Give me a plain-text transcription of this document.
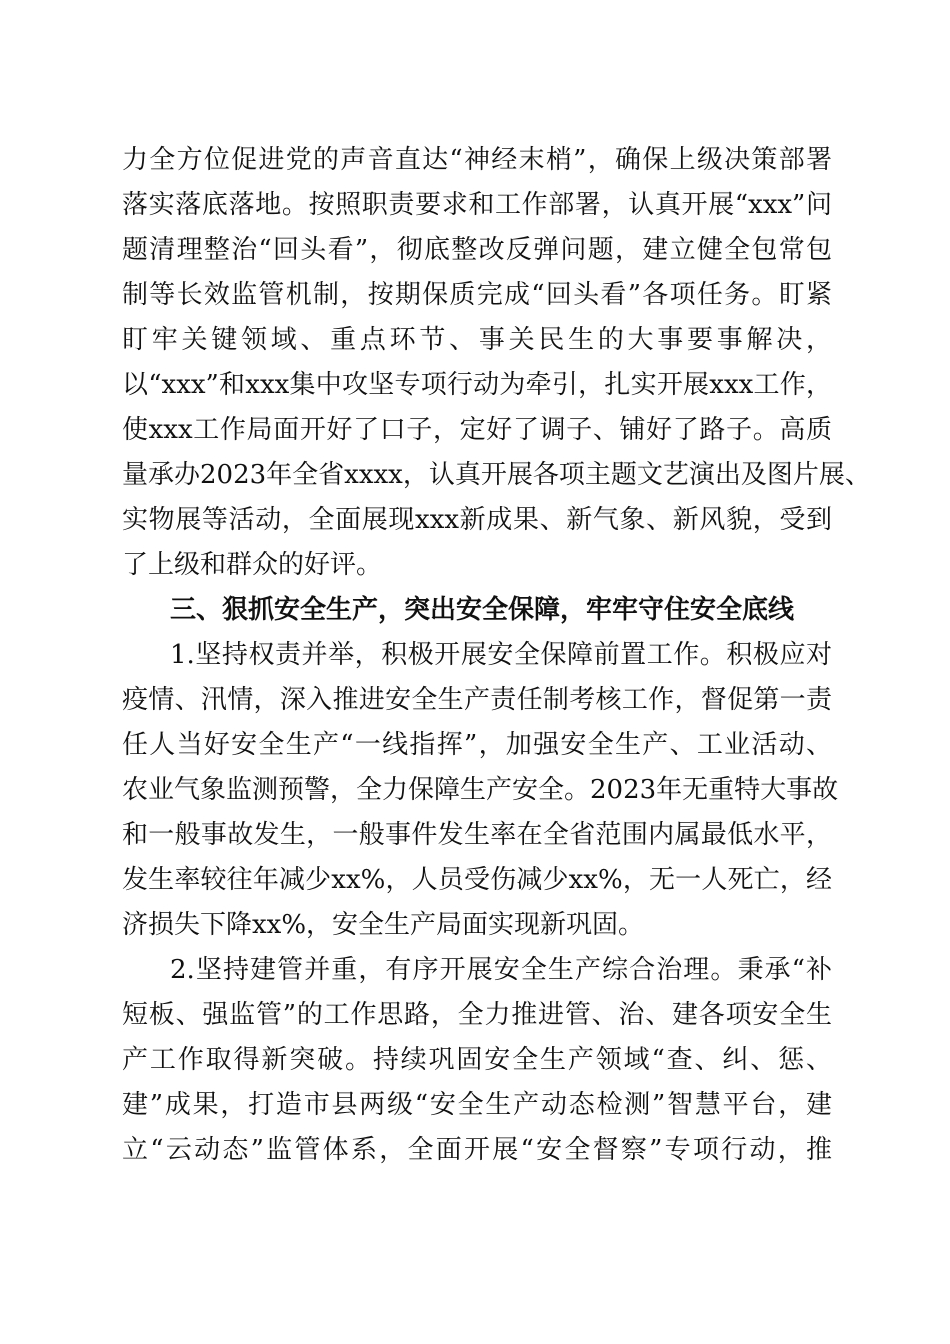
力全方位促进党的声音直达“神经末梢”，确保上级决策部署
落实落底落地。按照职责要求和工作部署，认真开展“xxx”问
题清理整治“回头看”，彻底整改反弹问题，建立健全包常包
制等长效监管机制，按期保质完成“回头看”各项任务。盯紧
盯牢关键领域、重点环节、事关民生的大事要事解决，
以“xxx”和xxx集中攻坚专项行动为牵引，扎实开展xxx工作，
使xxx工作局面开好了口子，定好了调子、铺好了路子。高质
量承办2023年全省xxxx，认真开展各项主题文艺演出及图片展、
实物展等活动，全面展现xxx新成果、新气象、新风貌，受到
了上级和群众的好评。
三、狠抓安全生产，突出安全保障，牢牢守住安全底线
1.坚持权责并举，积极开展安全保障前置工作。积极应对
疫情、汛情，深入推进安全生产责任制考核工作，督促第一责
任人当好安全生产“一线指挥”，加强安全生产、工业活动、
农业气象监测预警，全力保障生产安全。2023年无重特大事故
和一般事故发生，一般事件发生率在全省范围内属最低水平，
发生率较往年减少xx%，人员受伤减少xx%，无一人死亡，经
济损失下降xx%，安全生产局面实现新巩固。
2.坚持建管并重，有序开展安全生产综合治理。秉承“补
短板、强监管”的工作思路，全力推进管、治、建各项安全生
产工作取得新突破。持续巩固安全生产领域“查、纠、惩、
建”成果，打造市县两级“安全生产动态检测”智慧平台，建
立“云动态”监管体系，全面开展“安全督察”专项行动，推
